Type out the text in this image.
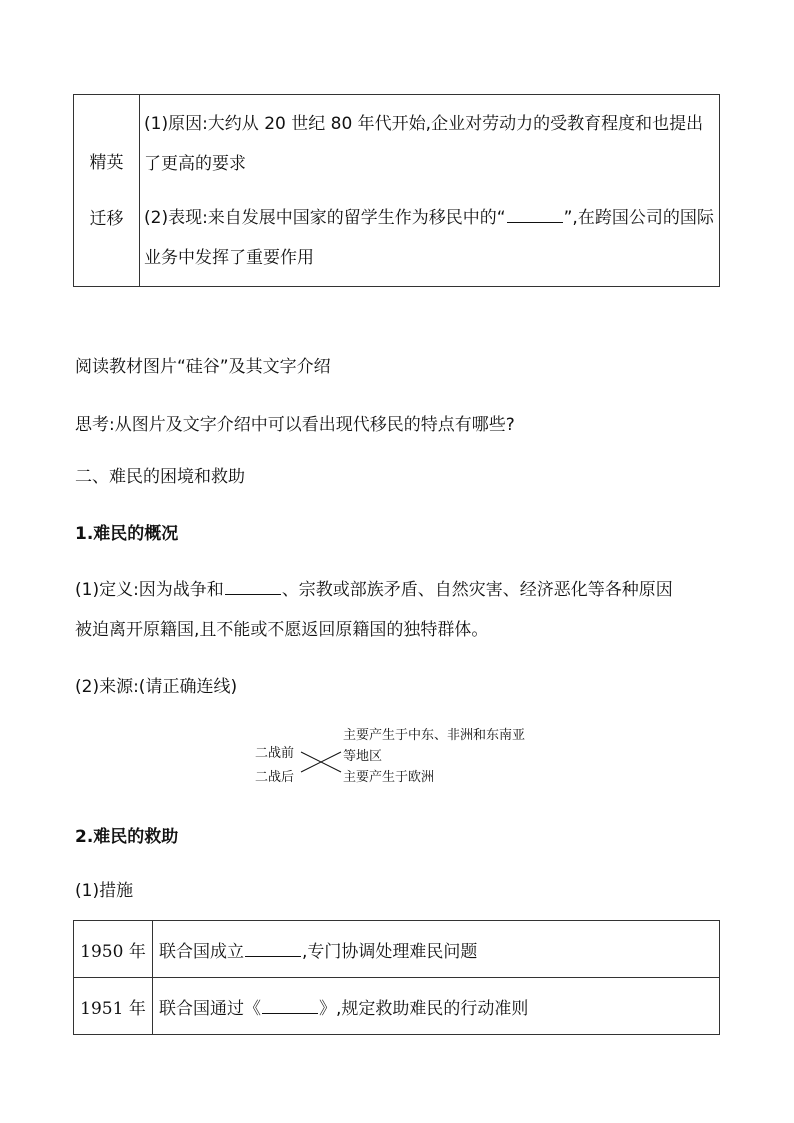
精英
迁移

(1)原因:大约从 20 世纪 80 年代开始,企业对劳动力的受教育程度和也提出了更高的要求
(2)表现:来自发展中国家的留学生作为移民中的“	”,在跨国公司的国际业务中发挥了重要作用
阅读教材图片“硅谷”及其文字介绍
思考:从图片及文字介绍中可以看出现代移民的特点有哪些?
二、难民的困境和救助
1.难民的概况
(1)定义:因为战争和	、宗教或部族矛盾、自然灾害、经济恶化等各种原因
被迫离开原籍国,且不能或不愿返回原籍国的独特群体。
(2)来源:(请正确连线)
二战前
二战后
主要产生于中东、非洲和东南亚
等地区
主要产生于欧洲
2.难民的救助
(1)措施
1950 年	联合国成立 ,专门协调处理难民问题
1951 年	联合国通过《 》,规定救助难民的行动准则
